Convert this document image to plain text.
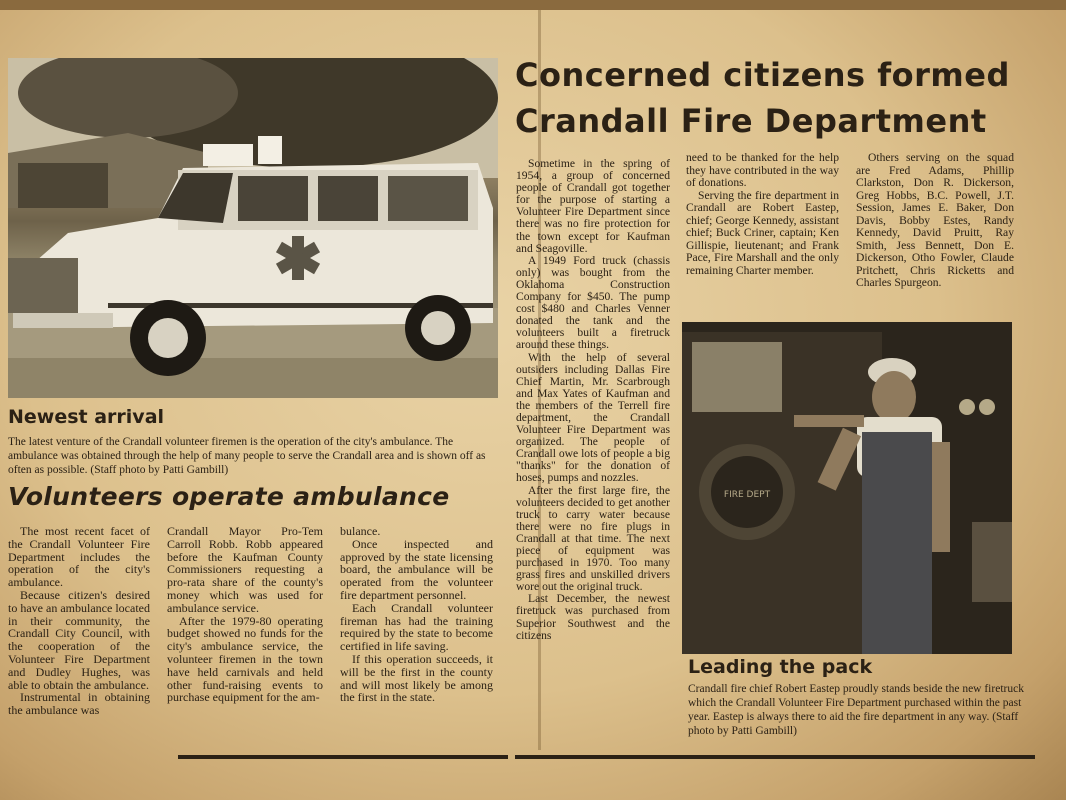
Newest arrival
The latest venture of the Crandall volunteer firemen is the operation of the city's ambulance. The ambulance was obtained through the help of many people to serve the Crandall area and is shown off as often as possible. (Staff photo by Patti Gambill)
Volunteers operate ambulance

The most recent facet of the Crandall Volunteer Fire Department includes the operation of the city's ambulance.

Because citizen's desired to have an ambulance located in their community, the Crandall City Council, with the cooperation of the Volunteer Fire Department and Dudley Hughes, was able to obtain the ambulance.

Instrumental in obtaining the ambulance was

Crandall Mayor Pro-Tem Carroll Robb. Robb appeared before the Kaufman County Commissioners requesting a pro-rata share of the county's money which was used for ambulance service.

After the 1979-80 operating budget showed no funds for the city's ambulance service, the volunteer firemen in the town have held carnivals and held other fund-raising events to purchase equipment for the am-

bulance.

Once inspected and approved by the state licensing board, the ambulance will be operated from the volunteer fire department personnel.

Each Crandall volunteer fireman has had the training required by the state to become certified in life saving.

If this operation succeeds, it will be the first in the county and will most likely be among the first in the state.

Concerned citizens formed
Crandall Fire Department

Sometime in the spring of 1954, a group of concerned people of Crandall got together for the purpose of starting a Volunteer Fire Department since there was no fire protection for the town except for Kaufman and Seagoville.

A 1949 Ford truck (chassis only) was bought from the Oklahoma Construction Company for $450. The pump cost $480 and Charles Venner donated the tank and the volunteers built a firetruck around these things.

With the help of several outsiders including Dallas Fire Chief Martin, Mr. Scarbrough and Max Yates of Kaufman and the members of the Terrell fire department, the Crandall Volunteer Fire Department was organized. The people of Crandall owe lots of people a big "thanks" for the donation of hoses, pumps and nozzles.

After the first large fire, the volunteers decided to get another truck to carry water because there were no fire plugs in Crandall at that time. The next piece of equipment was purchased in 1970. Too many grass fires and unskilled drivers wore out the original truck.

Last December, the newest firetruck was purchased from Superior Southwest and the citizens

need to be thanked for the help they have contributed in the way of donations.

Serving the fire department in Crandall are Robert Eastep, chief; George Kennedy, assistant chief; Buck Criner, captain; Ken Gillispie, lieutenant; and Frank Pace, Fire Marshall and the only remaining Charter member.

Others serving on the squad are Fred Adams, Phillip Clarkston, Don R. Dickerson, Greg Hobbs, B.C. Powell, J.T. Session, James E. Baker, Don Davis, Bobby Estes, Randy Kennedy, David Pruitt, Ray Smith, Jess Bennett, Don E. Dickerson, Otho Fowler, Claude Pritchett, Chris Ricketts and Charles Spurgeon.

FIRE DEPT
Leading the pack
Crandall fire chief Robert Eastep proudly stands beside the new firetruck which the Crandall Volunteer Fire Department purchased within the past year. Eastep is always there to aid the fire department in any way. (Staff photo by Patti Gambill)
